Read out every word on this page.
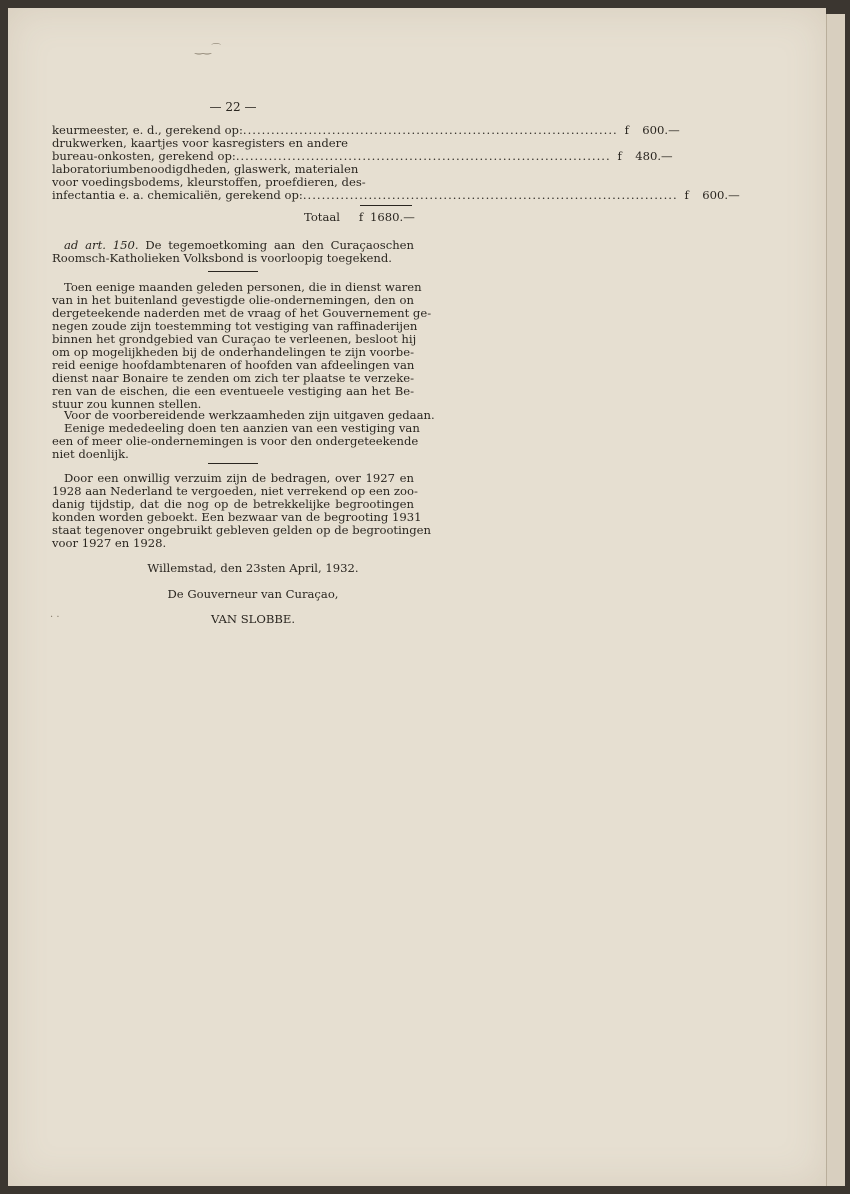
‿‿⌒
— 22 —
keurmeester, e. d., gerekend op: ................................................................................ f	600.—
drukwerken, kaartjes voor kasregisters en andere
bureau-onkosten, gerekend op: ................................................................................ f	480.—
laboratoriumbenoodigdheden, glaswerk, materialen
voor voedingsbodems, kleurstoffen, proefdieren, des-
infectantia e. a. chemicaliën, gerekend op: ................................................................................ f	600.—
Totaal	f 1680.—
ad art. 150. De tegemoetkoming aan den Curaçaoschen
Roomsch-Katholieken Volksbond is voorloopig toegekend.
Toen eenige maanden geleden personen, die in dienst waren
van in het buitenland gevestigde olie-ondernemingen, den on
dergeteekende naderden met de vraag of het Gouvernement ge-
negen zoude zijn toestemming tot vestiging van raffinaderijen
binnen het grondgebied van Curaçao te verleenen, besloot hij
om op mogelijkheden bij de onderhandelingen te zijn voorbe-
reid eenige hoofdambtenaren of hoofden van afdeelingen van
dienst naar Bonaire te zenden om zich ter plaatse te verzeke-
ren van de eischen, die een eventueele vestiging aan het Be-
stuur zou kunnen stellen.
Voor de voorbereidende werkzaamheden zijn uitgaven gedaan.
Eenige mededeeling doen ten aanzien van een vestiging van
een of meer olie-ondernemingen is voor den ondergeteekende
niet doenlijk.
Door een onwillig verzuim zijn de bedragen, over 1927 en
1928 aan Nederland te vergoeden, niet verrekend op een zoo-
danig tijdstip, dat die nog op de betrekkelijke begrootingen
konden worden geboekt. Een bezwaar van de begrooting 1931
staat tegenover ongebruikt gebleven gelden op de begrootingen
voor 1927 en 1928.
Willemstad, den 23sten April, 1932.
De Gouverneur van Curaçao,
VAN SLOBBE.
· ·
